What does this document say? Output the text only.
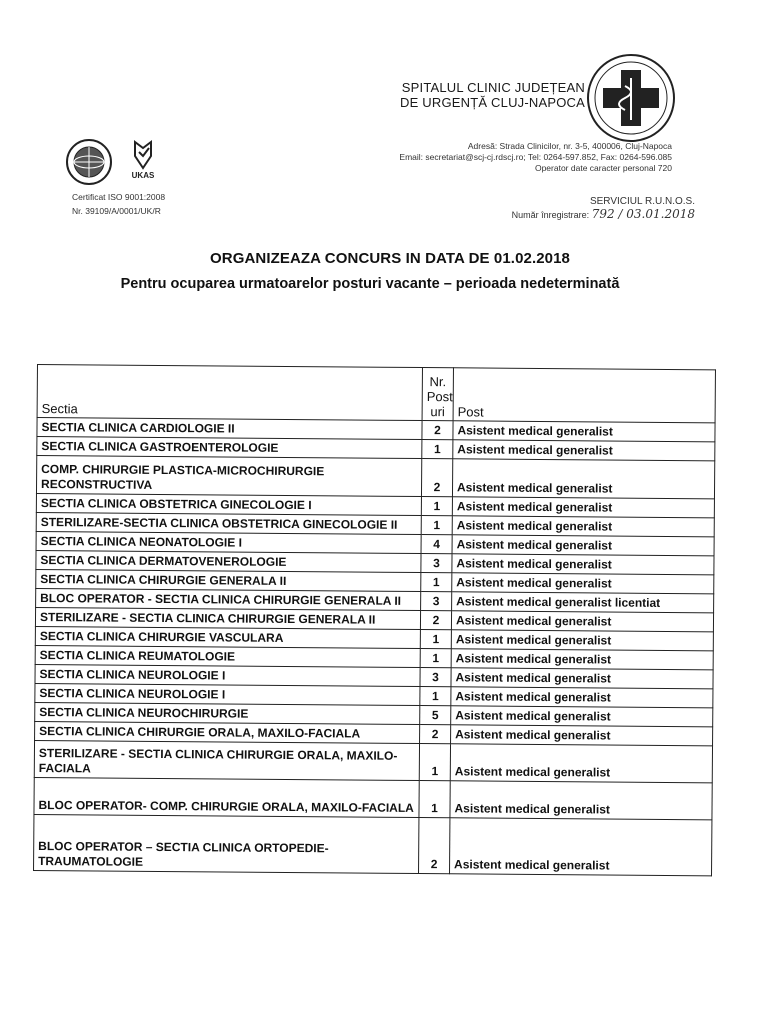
SPITALUL CLINIC JUDEȚEAN
DE URGENȚĂ CLUJ-NAPOCA
Adresă: Strada Clinicilor, nr. 3-5, 400006, Cluj-Napoca
Email: secretariat@scj-cj.rdscj.ro; Tel: 0264-597.852, Fax: 0264-596.085
Operator date caracter personal 720
UKAS
Certificat ISO 9001:2008
Nr. 39109/A/0001/UK/R
SERVICIUL R.U.N.O.S.
Număr înregistrare: 792 / 03.01.2018
ORGANIZEAZA CONCURS IN DATA DE 01.02.2018
Pentru ocuparea urmatoarelor posturi vacante – perioada nedeterminată
Sectia	Nr. Post uri	Post
SECTIA CLINICA CARDIOLOGIE II	2	Asistent medical generalist
SECTIA CLINICA GASTROENTEROLOGIE	1	Asistent medical generalist
COMP. CHIRURGIE PLASTICA-MICROCHIRURGIE RECONSTRUCTIVA	2	Asistent medical generalist
SECTIA CLINICA OBSTETRICA GINECOLOGIE I	1	Asistent medical generalist
STERILIZARE-SECTIA CLINICA OBSTETRICA GINECOLOGIE II	1	Asistent medical generalist
SECTIA CLINICA NEONATOLOGIE I	4	Asistent medical generalist
SECTIA CLINICA DERMATOVENEROLOGIE	3	Asistent medical generalist
SECTIA CLINICA CHIRURGIE GENERALA II	1	Asistent medical generalist
BLOC OPERATOR - SECTIA CLINICA CHIRURGIE GENERALA II	3	Asistent medical generalist licentiat
STERILIZARE - SECTIA CLINICA CHIRURGIE GENERALA II	2	Asistent medical generalist
SECTIA CLINICA CHIRURGIE VASCULARA	1	Asistent medical generalist
SECTIA CLINICA REUMATOLOGIE	1	Asistent medical generalist
SECTIA CLINICA NEUROLOGIE I	3	Asistent medical generalist
SECTIA CLINICA NEUROLOGIE I	1	Asistent medical generalist
SECTIA CLINICA NEUROCHIRURGIE	5	Asistent medical generalist
SECTIA CLINICA CHIRURGIE ORALA, MAXILO-FACIALA	2	Asistent medical generalist
STERILIZARE - SECTIA CLINICA CHIRURGIE ORALA, MAXILO-FACIALA	1	Asistent medical generalist
BLOC OPERATOR- COMP. CHIRURGIE ORALA, MAXILO-FACIALA	1	Asistent medical generalist
BLOC OPERATOR – SECTIA CLINICA ORTOPEDIE-TRAUMATOLOGIE	2	Asistent medical generalist
